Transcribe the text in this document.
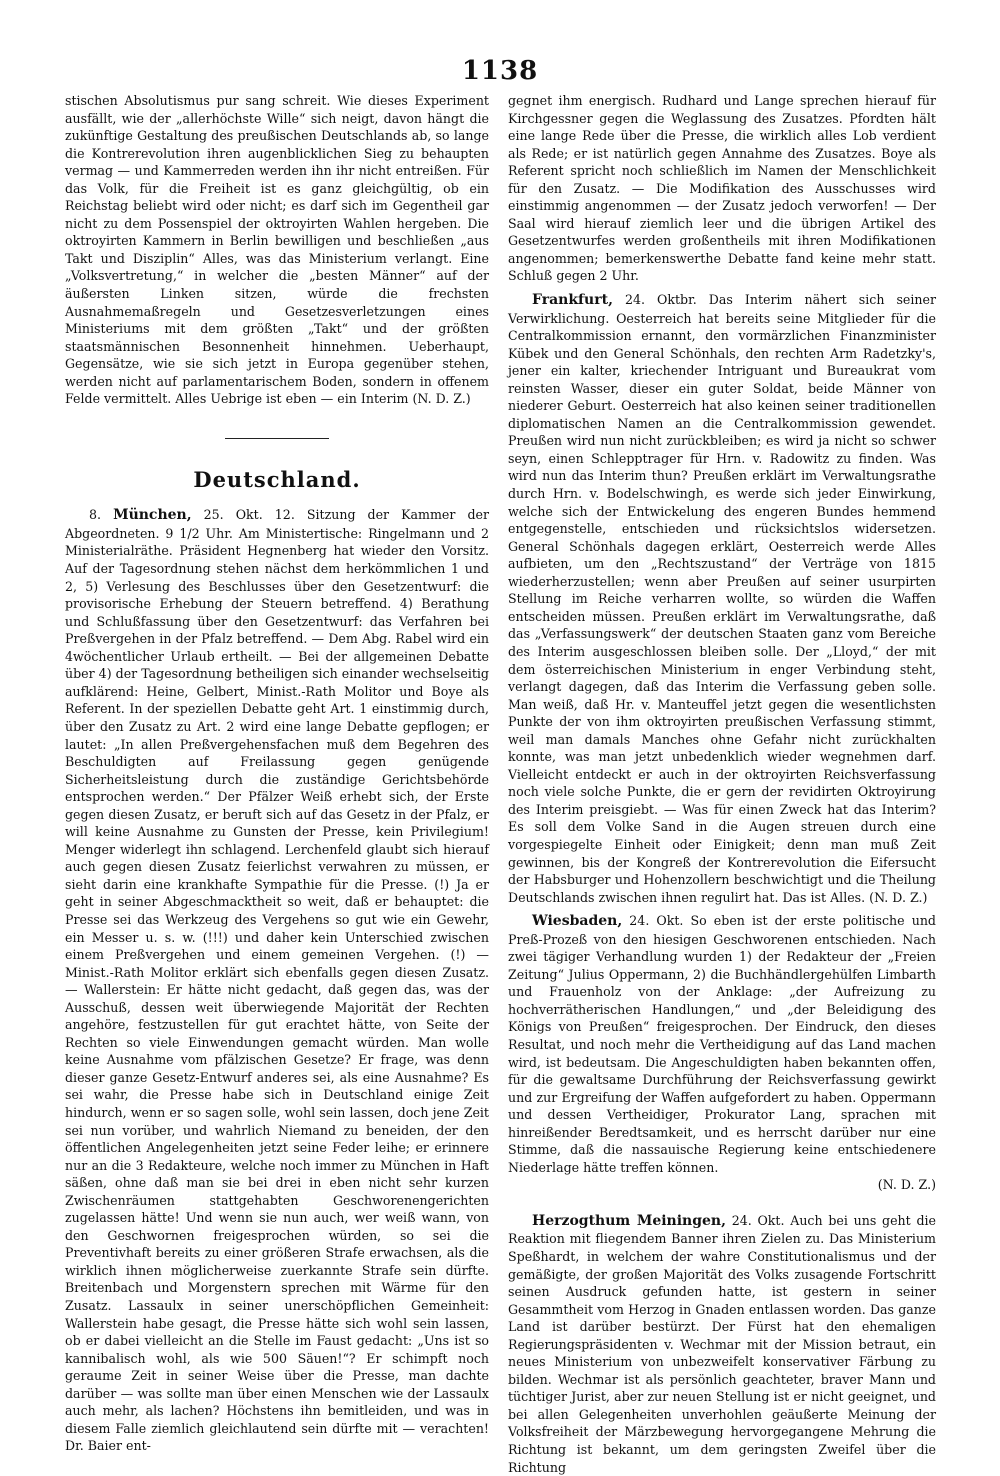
1138

stischen Absolutismus pur sang schreit. Wie dieses Experiment ausfällt, wie der „allerhöchste Wille“ sich neigt, davon hängt die zukünftige Gestaltung des preußischen Deutschlands ab, so lange die Kontrerevolution ihren augenblicklichen Sieg zu behaupten vermag — und Kammerreden werden ihn ihr nicht entreißen. Für das Volk, für die Freiheit ist es ganz gleichgültig, ob ein Reichstag beliebt wird oder nicht; es darf sich im Gegentheil gar nicht zu dem Possenspiel der oktroyirten Wahlen hergeben. Die oktroyirten Kammern in Berlin bewilligen und beschließen „aus Takt und Disziplin“ Alles, was das Ministerium verlangt. Eine „Volksvertretung,“ in welcher die „besten Männer“ auf der äußersten Linken sitzen, würde die frechsten Ausnahmemaßregeln und Gesetzesverletzungen eines Ministeriums mit dem größten „Takt“ und der größten staatsmännischen Besonnenheit hinnehmen. Ueberhaupt, Gegensätze, wie sie sich jetzt in Europa gegenüber stehen, werden nicht auf parlamentarischem Boden, sondern in offenem Felde vermittelt. Alles Uebrige ist eben — ein Interim (N. D. Z.)

Deutschland.

8. München, 25. Okt. 12. Sitzung der Kammer der Abgeordneten. 9 1/2 Uhr. Am Ministertische: Ringelmann und 2 Ministerialräthe. Präsident Hegnenberg hat wieder den Vorsitz. Auf der Tagesordnung stehen nächst dem herkömmlichen 1 und 2, 5) Verlesung des Beschlusses über den Gesetzentwurf: die provisorische Erhebung der Steuern betreffend. 4) Berathung und Schlußfassung über den Gesetzentwurf: das Verfahren bei Preßvergehen in der Pfalz betreffend. — Dem Abg. Rabel wird ein 4wöchentlicher Urlaub ertheilt. — Bei der allgemeinen Debatte über 4) der Tagesordnung betheiligen sich einander wechselseitig aufklärend: Heine, Gelbert, Minist.-Rath Molitor und Boye als Referent. In der speziellen Debatte geht Art. 1 einstimmig durch, über den Zusatz zu Art. 2 wird eine lange Debatte gepflogen; er lautet: „In allen Preßvergehensfachen muß dem Begehren des Beschuldigten auf Freilassung gegen genügende Sicherheitsleistung durch die zuständige Gerichtsbehörde entsprochen werden.“ Der Pfälzer Weiß erhebt sich, der Erste gegen diesen Zusatz, er beruft sich auf das Gesetz in der Pfalz, er will keine Ausnahme zu Gunsten der Presse, kein Privilegium! Menger widerlegt ihn schlagend. Lerchenfeld glaubt sich hierauf auch gegen diesen Zusatz feierlichst verwahren zu müssen, er sieht darin eine krankhafte Sympathie für die Presse. (!) Ja er geht in seiner Abgeschmacktheit so weit, daß er behauptet: die Presse sei das Werkzeug des Vergehens so gut wie ein Gewehr, ein Messer u. s. w. (!!!) und daher kein Unterschied zwischen einem Preßvergehen und einem gemeinen Vergehen. (!) — Minist.-Rath Molitor erklärt sich ebenfalls gegen diesen Zusatz. — Wallerstein: Er hätte nicht gedacht, daß gegen das, was der Ausschuß, dessen weit überwiegende Majorität der Rechten angehöre, festzustellen für gut erachtet hätte, von Seite der Rechten so viele Einwendungen gemacht würden. Man wolle keine Ausnahme vom pfälzischen Gesetze? Er frage, was denn dieser ganze Gesetz-Entwurf anderes sei, als eine Ausnahme? Es sei wahr, die Presse habe sich in Deutschland einige Zeit hindurch, wenn er so sagen solle, wohl sein lassen, doch jene Zeit sei nun vorüber, und wahrlich Niemand zu beneiden, der den öffentlichen Angelegenheiten jetzt seine Feder leihe; er erinnere nur an die 3 Redakteure, welche noch immer zu München in Haft säßen, ohne daß man sie bei drei in eben nicht sehr kurzen Zwischenräumen stattgehabten Geschworenengerichten zugelassen hätte! Und wenn sie nun auch, wer weiß wann, von den Geschwornen freigesprochen würden, so sei die Preventivhaft bereits zu einer größeren Strafe erwachsen, als die wirklich ihnen möglicherweise zuerkannte Strafe sein dürfte. Breitenbach und Morgenstern sprechen mit Wärme für den Zusatz. Lassaulx in seiner unerschöpflichen Gemeinheit: Wallerstein habe gesagt, die Presse hätte sich wohl sein lassen, ob er dabei vielleicht an die Stelle im Faust gedacht: „Uns ist so kannibalisch wohl, als wie 500 Säuen!“? Er schimpft noch geraume Zeit in seiner Weise über die Presse, man dachte darüber — was sollte man über einen Menschen wie der Lassaulx auch mehr, als lachen? Höchstens ihn bemitleiden, und was in diesem Falle ziemlich gleichlautend sein dürfte mit — verachten! Dr. Baier ent-

gegnet ihm energisch. Rudhard und Lange sprechen hierauf für Kirchgessner gegen die Weglassung des Zusatzes. Pfordten hält eine lange Rede über die Presse, die wirklich alles Lob verdient als Rede; er ist natürlich gegen Annahme des Zusatzes. Boye als Referent spricht noch schließlich im Namen der Menschlichkeit für den Zusatz. — Die Modifikation des Ausschusses wird einstimmig angenommen — der Zusatz jedoch verworfen! — Der Saal wird hierauf ziemlich leer und die übrigen Artikel des Gesetzentwurfes werden großentheils mit ihren Modifikationen angenommen; bemerkenswerthe Debatte fand keine mehr statt. Schluß gegen 2 Uhr.

Frankfurt, 24. Oktbr. Das Interim nähert sich seiner Verwirklichung. Oesterreich hat bereits seine Mitglieder für die Centralkommission ernannt, den vormärzlichen Finanzminister Kübek und den General Schönhals, den rechten Arm Radetzky's, jener ein kalter, kriechender Intriguant und Bureaukrat vom reinsten Wasser, dieser ein guter Soldat, beide Männer von niederer Geburt. Oesterreich hat also keinen seiner traditionellen diplomatischen Namen an die Centralkommission gewendet. Preußen wird nun nicht zurückbleiben; es wird ja nicht so schwer seyn, einen Schlepptrager für Hrn. v. Radowitz zu finden. Was wird nun das Interim thun? Preußen erklärt im Verwaltungsrathe durch Hrn. v. Bodelschwingh, es werde sich jeder Einwirkung, welche sich der Entwickelung des engeren Bundes hemmend entgegenstelle, entschieden und rücksichtslos widersetzen. General Schönhals dagegen erklärt, Oesterreich werde Alles aufbieten, um den „Rechtszustand“ der Verträge von 1815 wiederherzustellen; wenn aber Preußen auf seiner usurpirten Stellung im Reiche verharren wollte, so würden die Waffen entscheiden müssen. Preußen erklärt im Verwaltungsrathe, daß das „Verfassungswerk“ der deutschen Staaten ganz vom Bereiche des Interim ausgeschlossen bleiben solle. Der „Lloyd,“ der mit dem österreichischen Ministerium in enger Verbindung steht, verlangt dagegen, daß das Interim die Verfassung geben solle. Man weiß, daß Hr. v. Manteuffel jetzt gegen die wesentlichsten Punkte der von ihm oktroyirten preußischen Verfassung stimmt, weil man damals Manches ohne Gefahr nicht zurückhalten konnte, was man jetzt unbedenklich wieder wegnehmen darf. Vielleicht entdeckt er auch in der oktroyirten Reichsverfassung noch viele solche Punkte, die er gern der revidirten Oktroyirung des Interim preisgiebt. — Was für einen Zweck hat das Interim? Es soll dem Volke Sand in die Augen streuen durch eine vorgespiegelte Einheit oder Einigkeit; denn man muß Zeit gewinnen, bis der Kongreß der Kontrerevolution die Eifersucht der Habsburger und Hohenzollern beschwichtigt und die Theilung Deutschlands zwischen ihnen regulirt hat. Das ist Alles. (N. D. Z.)

Wiesbaden, 24. Okt. So eben ist der erste politische und Preß-Prozeß von den hiesigen Geschworenen entschieden. Nach zwei tägiger Verhandlung wurden 1) der Redakteur der „Freien Zeitung“ Julius Oppermann, 2) die Buchhändlergehülfen Limbarth und Frauenholz von der Anklage: „der Aufreizung zu hochverrätherischen Handlungen,“ und „der Beleidigung des Königs von Preußen“ freigesprochen. Der Eindruck, den dieses Resultat, und noch mehr die Vertheidigung auf das Land machen wird, ist bedeutsam. Die Angeschuldigten haben bekannten offen, für die gewaltsame Durchführung der Reichsverfassung gewirkt und zur Ergreifung der Waffen aufgefordert zu haben. Oppermann und dessen Vertheidiger, Prokurator Lang, sprachen mit hinreißender Beredtsamkeit, und es herrscht darüber nur eine Stimme, daß die nassauische Regierung keine entschiedenere Niederlage hätte treffen können.
(N. D. Z.)

Herzogthum Meiningen, 24. Okt. Auch bei uns geht die Reaktion mit fliegendem Banner ihren Zielen zu. Das Ministerium Speßhardt, in welchem der wahre Constitutionalismus und der gemäßigte, der großen Majorität des Volks zusagende Fortschritt seinen Ausdruck gefunden hatte, ist gestern in seiner Gesammtheit vom Herzog in Gnaden entlassen worden. Das ganze Land ist darüber bestürzt. Der Fürst hat den ehemaligen Regierungspräsidenten v. Wechmar mit der Mission betraut, ein neues Ministerium von unbezweifelt konservativer Färbung zu bilden. Wechmar ist als persönlich geachteter, braver Mann und tüchtiger Jurist, aber zur neuen Stellung ist er nicht geeignet, und bei allen Gelegenheiten unverhohlen geäußerte Meinung der Volksfreiheit der Märzbewegung hervorgegangene Mehrung die Richtung ist bekannt, um dem geringsten Zweifel über die Richtung
